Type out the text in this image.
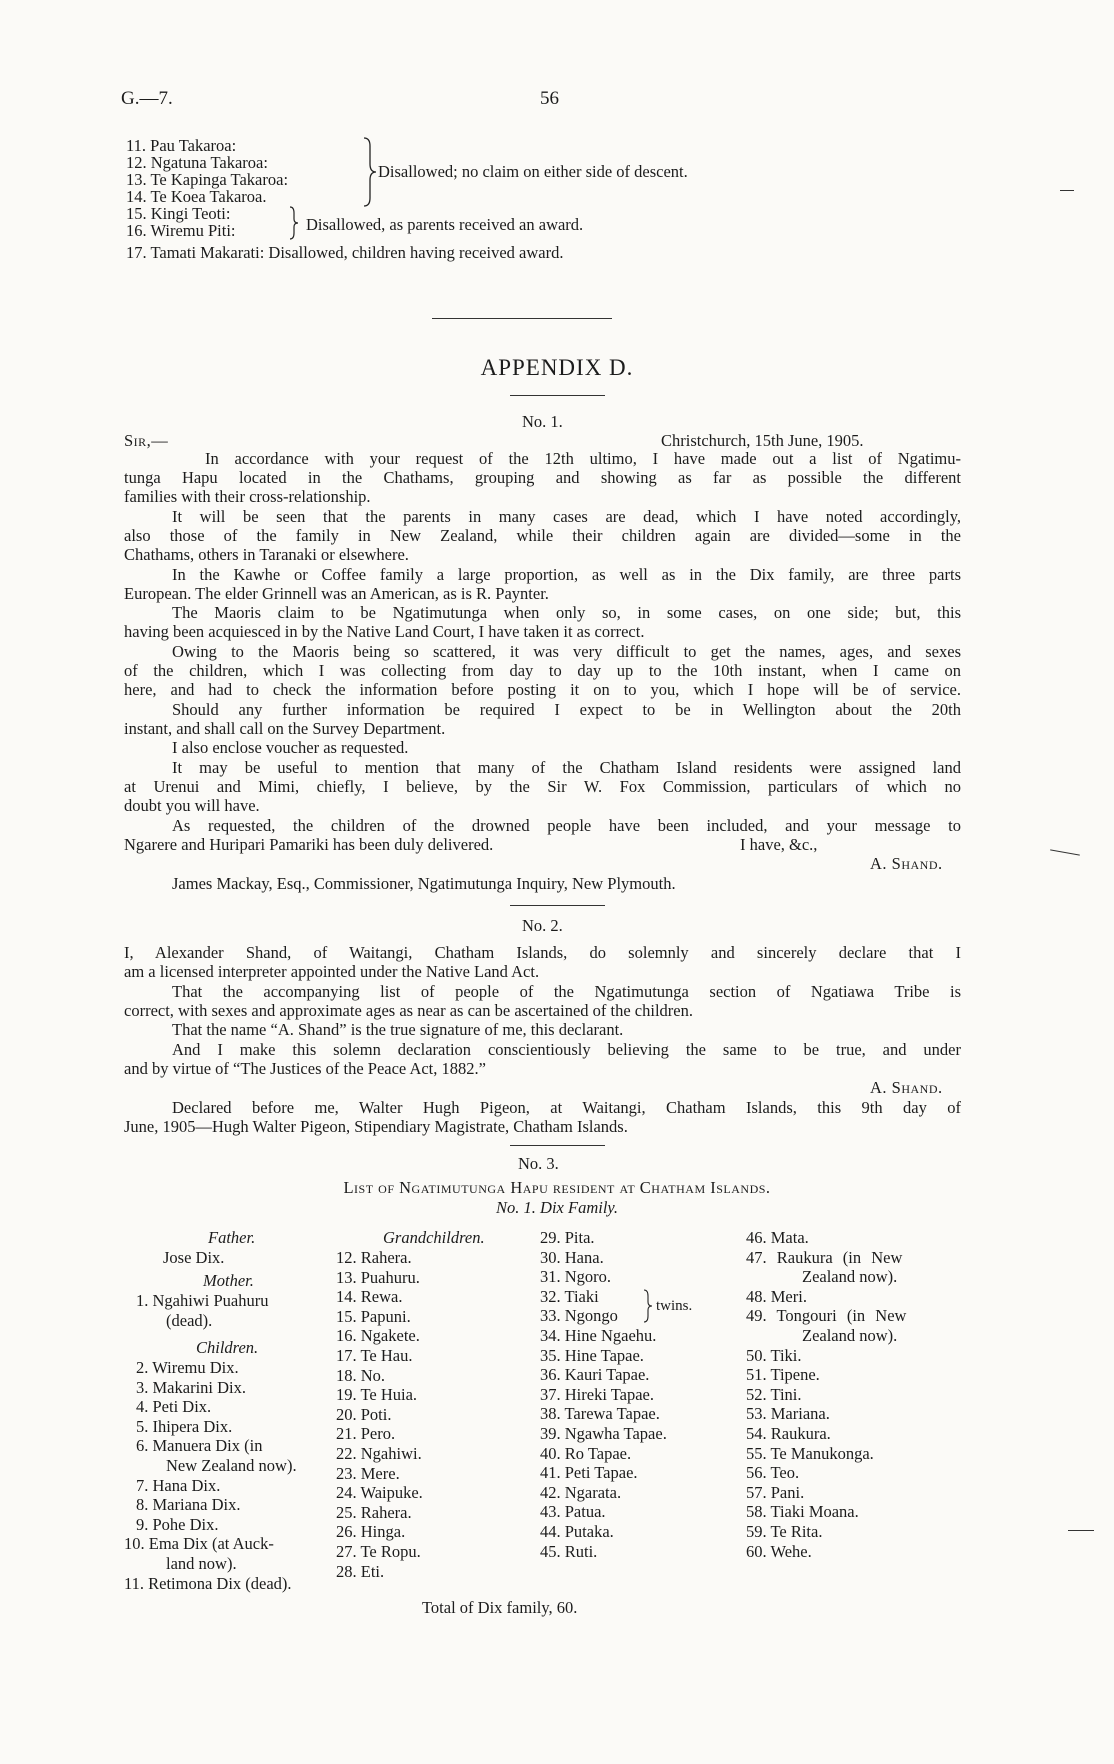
G.—7.	56
11. Pau Takaroa:
12. Ngatuna Takaroa:
13. Te Kapinga Takaroa:
14. Te Koea Takaroa.
Disallowed; no claim on either side of descent.
15. Kingi Teoti:
16. Wiremu Piti:	Disallowed, as parents received an award.
17. Tamati Makarati: Disallowed, children having received award.
APPENDIX D.
No. 1.
Sir,—	Christchurch, 15th June, 1905.
In accordance with your request of the 12th ultimo, I have made out a list of Ngatimu-
tunga Hapu located in the Chathams, grouping and showing as far as possible the different
families with their cross-relationship.
It will be seen that the parents in many cases are dead, which I have noted accordingly,
also those of the family in New Zealand, while their children again are divided—some in the
Chathams, others in Taranaki or elsewhere.
In the Kawhe or Coffee family a large proportion, as well as in the Dix family, are three parts
European. The elder Grinnell was an American, as is R. Paynter.
The Maoris claim to be Ngatimutunga when only so, in some cases, on one side; but, this
having been acquiesced in by the Native Land Court, I have taken it as correct.
Owing to the Maoris being so scattered, it was very difficult to get the names, ages, and sexes
of the children, which I was collecting from day to day up to the 10th instant, when I came on
here, and had to check the information before posting it on to you, which I hope will be of service.
Should any further information be required I expect to be in Wellington about the 20th
instant, and shall call on the Survey Department.
I also enclose voucher as requested.
It may be useful to mention that many of the Chatham Island residents were assigned land
at Urenui and Mimi, chiefly, I believe, by the Sir W. Fox Commission, particulars of which no
doubt you will have.
As requested, the children of the drowned people have been included, and your message to
Ngarere and Huripari Pamariki has been duly delivered.	I have, &c.,
A. Shand.
James Mackay, Esq., Commissioner, Ngatimutunga Inquiry, New Plymouth.
No. 2.
I, Alexander Shand, of Waitangi, Chatham Islands, do solemnly and sincerely declare that I
am a licensed interpreter appointed under the Native Land Act.
That the accompanying list of people of the Ngatimutunga section of Ngatiawa Tribe is
correct, with sexes and approximate ages as near as can be ascertained of the children.
That the name “A. Shand” is the true signature of me, this declarant.
And I make this solemn declaration conscientiously believing the same to be true, and under
and by virtue of “The Justices of the Peace Act, 1882.”
A. Shand.
Declared before me, Walter Hugh Pigeon, at Waitangi, Chatham Islands, this 9th day of
June, 1905—Hugh Walter Pigeon, Stipendiary Magistrate, Chatham Islands.
No. 3.
List of Ngatimutunga Hapu resident at Chatham Islands.
No. 1. Dix Family.
Father.
Jose Dix.
Mother.
1. Ngahiwi Puahuru
(dead).
Children.
2. Wiremu Dix.
3. Makarini Dix.
4. Peti Dix.
5. Ihipera Dix.
6. Manuera Dix (in
New Zealand now).
7. Hana Dix.
8. Mariana Dix.
9. Pohe Dix.
10. Ema Dix (at Auck-
land now).
11. Retimona Dix (dead).
Grandchildren.
12. Rahera.
13. Puahuru.
14. Rewa.
15. Papuni.
16. Ngakete.
17. Te Hau.
18. No.
19. Te Huia.
20. Poti.
21. Pero.
22. Ngahiwi.
23. Mere.
24. Waipuke.
25. Rahera.
26. Hinga.
27. Te Ropu.
28. Eti.
29. Pita.
30. Hana.
31. Ngoro.
32. Tiaki
33. Ngongo
34. Hine Ngaehu.
35. Hine Tapae.
36. Kauri Tapae.
37. Hireki Tapae.
38. Tarewa Tapae.
39. Ngawha Tapae.
40. Ro Tapae.
41. Peti Tapae.
42. Ngarata.
43. Patua.
44. Putaka.
45. Ruti.
twins.
46. Mata.
47. Raukura (in New
Zealand now).
48. Meri.
49. Tongouri (in New
Zealand now).
50. Tiki.
51. Tipene.
52. Tini.
53. Mariana.
54. Raukura.
55. Te Manukonga.
56. Teo.
57. Pani.
58. Tiaki Moana.
59. Te Rita.
60. Wehe.
Total of Dix family, 60.
